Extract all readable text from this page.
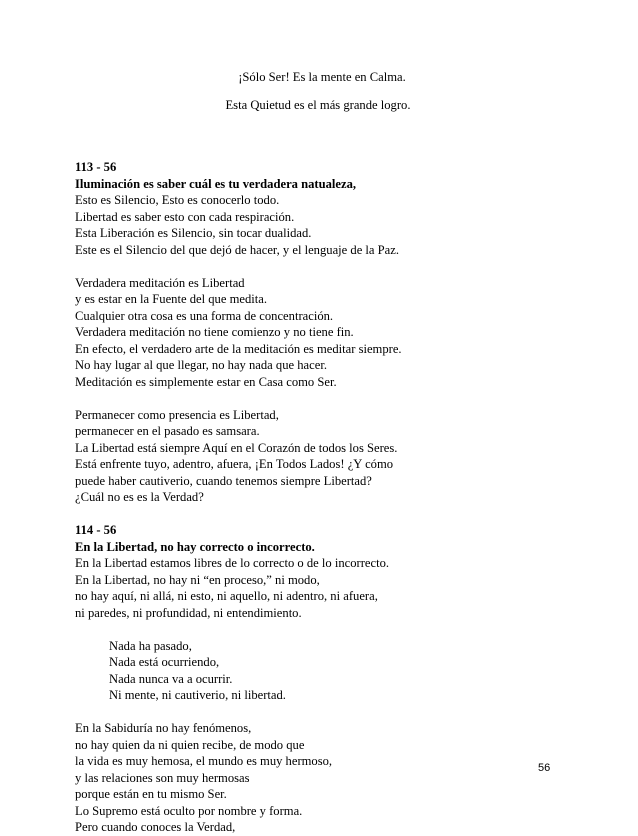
¡Sólo Ser! Es la mente en Calma.
Esta Quietud es el más grande logro.
113 - 56
Iluminación es saber cuál es tu verdadera natualeza,
Esto es Silencio, Esto es conocerlo todo.
Libertad es saber esto con cada respiración.
Esta Liberación es Silencio, sin tocar dualidad.
Este es el Silencio del que dejó de hacer, y el lenguaje de la Paz.
Verdadera meditación es Libertad
y es estar en la Fuente del que medita.
Cualquier otra cosa es una forma de concentración.
Verdadera meditación no tiene comienzo y no tiene fin.
En efecto, el verdadero arte de la meditación es meditar siempre.
No hay lugar al que llegar, no hay nada que hacer.
Meditación es simplemente estar en Casa como Ser.
Permanecer como presencia es Libertad,
permanecer en el pasado es samsara.
La Libertad está siempre Aquí en el Corazón de todos los Seres.
Está enfrente tuyo, adentro, afuera, ¡En Todos Lados! ¿Y cómo
puede haber cautiverio, cuando tenemos siempre Libertad?
¿Cuál no es es la Verdad?
114 - 56
En la Libertad, no hay correcto o incorrecto.
En la Libertad estamos libres de lo correcto o de lo incorrecto.
En la Libertad, no hay ni “en proceso,” ni modo,
no hay aquí, ni allá, ni esto, ni aquello, ni adentro, ni afuera,
ni paredes, ni profundidad, ni entendimiento.
Nada ha pasado,
Nada está ocurriendo,
Nada nunca va a ocurrir.
Ni mente, ni cautiverio, ni libertad.
En la Sabiduría no hay fenómenos,
no hay quien da ni quien recibe, de modo que
la vida es muy hemosa, el mundo es muy hermoso,
y las relaciones son muy hermosas
porque están en tu mismo Ser.
Lo Supremo está oculto por nombre y forma.
Pero cuando conoces la Verdad,
56
